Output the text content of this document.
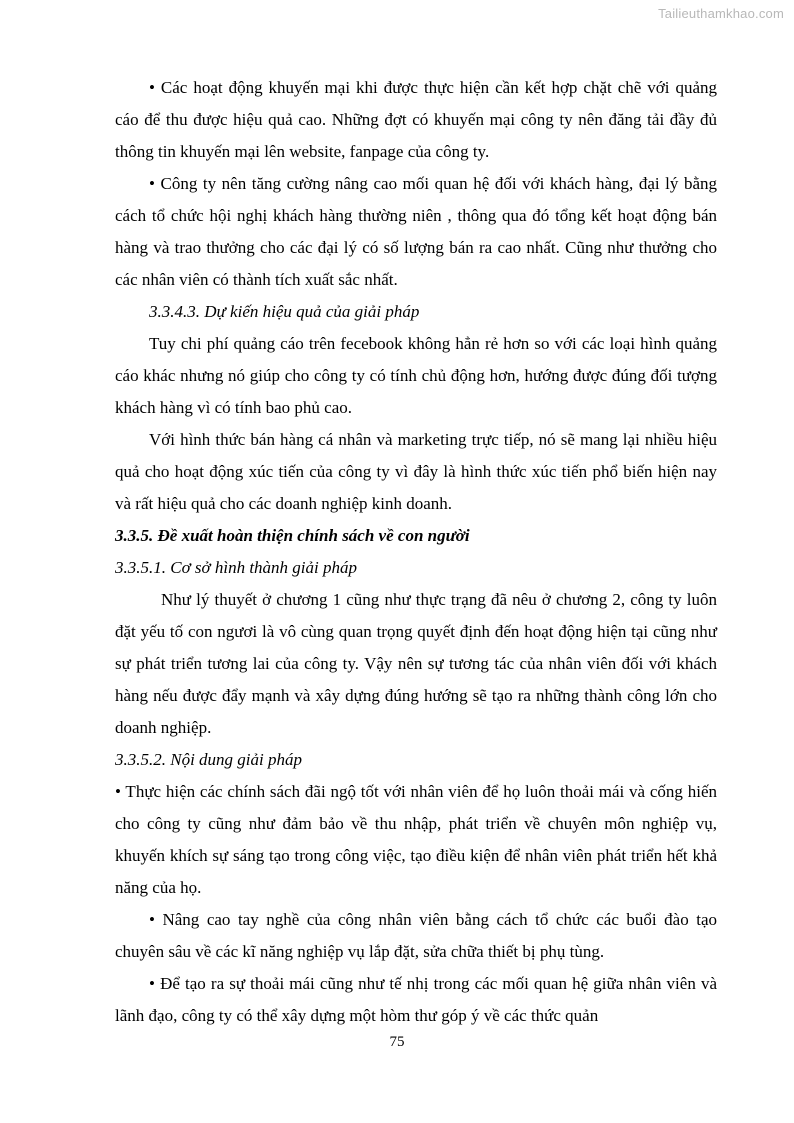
Tailieuthamkhao.com

• Các hoạt động khuyến mại khi được thực hiện cần kết hợp chặt chẽ với quảng cáo để thu được hiệu quả cao. Những đợt có khuyến mại công ty nên đăng tải đầy đủ thông tin khuyến mại lên website, fanpage của công ty.

• Công ty nên tăng cường nâng cao mối quan hệ đối với khách hàng, đại lý bằng cách tổ chức hội nghị khách hàng thường niên , thông qua đó tổng kết hoạt động bán hàng và trao thưởng cho các đại lý có số lượng bán ra cao nhất. Cũng như thưởng cho các nhân viên có thành tích xuất sắc nhất.

3.3.4.3. Dự kiến hiệu quả của giải pháp

Tuy chi phí quảng cáo trên fecebook không hẳn rẻ hơn so với các loại hình quảng cáo khác nhưng nó giúp cho công ty có tính chủ động hơn, hướng được đúng đối tượng khách hàng vì có tính bao phủ cao.

Với hình thức bán hàng cá nhân và marketing trực tiếp, nó sẽ mang lại nhiều hiệu quả cho hoạt động xúc tiến của công ty vì đây là hình thức xúc tiến phổ biến hiện nay và rất hiệu quả cho các doanh nghiệp kinh doanh.

3.3.5. Đề xuất hoàn thiện chính sách về con người

3.3.5.1. Cơ sở hình thành giải pháp

Như lý thuyết ở chương 1 cũng như thực trạng đã nêu ở chương 2, công ty luôn đặt yếu tố con ngươi là vô cùng quan trọng quyết định đến hoạt động hiện tại cũng như sự phát triển tương lai của công ty. Vậy nên sự tương tác của nhân viên đối với khách hàng nếu được đẩy mạnh và xây dựng đúng hướng sẽ tạo ra những thành công lớn cho doanh nghiệp.

3.3.5.2. Nội dung giải pháp

• Thực hiện các chính sách đãi ngộ tốt với nhân viên để họ luôn thoải mái và cống hiến cho công ty cũng như đảm bảo về thu nhập, phát triển về chuyên môn nghiệp vụ, khuyến khích sự sáng tạo trong công việc, tạo điều kiện để nhân viên phát triển hết khả năng của họ.

• Nâng cao tay nghề của công nhân viên bằng cách tổ chức các buổi đào tạo chuyên sâu về các kĩ năng nghiệp vụ lắp đặt, sửa chữa thiết bị phụ tùng.

• Để tạo ra sự thoải mái cũng như tế nhị trong các mối quan hệ giữa nhân viên và lãnh đạo, công ty có thể xây dựng một hòm thư góp ý về các thức quản

75
